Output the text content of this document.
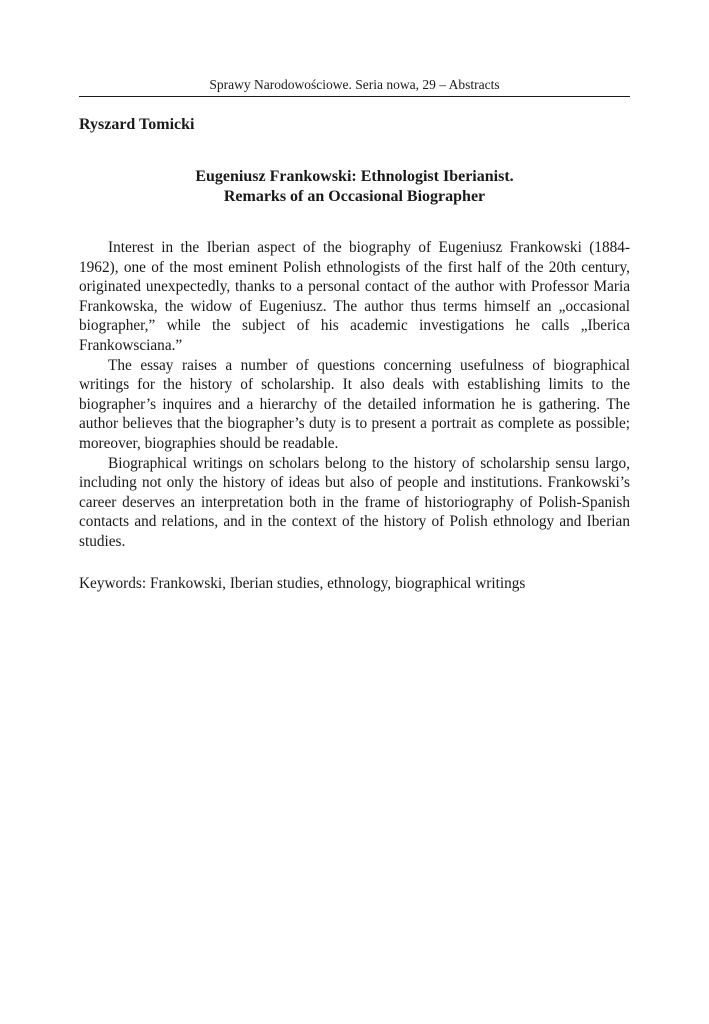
Sprawy Narodowościowe. Seria nowa, 29 – Abstracts
Ryszard Tomicki
Eugeniusz Frankowski: Ethnologist Iberianist.
Remarks of an Occasional Biographer

Interest in the Iberian aspect of the biography of Eugeniusz Frankowski (1884-1962), one of the most eminent Polish ethnologists of the first half of the 20th century, originated unexpectedly, thanks to a personal contact of the author with Professor Maria Frankowska, the widow of Eugeniusz. The author thus terms himself an „occasional biographer,” while the subject of his academic investigations he calls „Iberica Frankowsciana.”

The essay raises a number of questions concerning usefulness of biographical writings for the history of scholarship. It also deals with establishing limits to the biographer’s inquires and a hierarchy of the detailed information he is gathering. The author believes that the biographer’s duty is to present a portrait as complete as possible; moreover, biographies should be readable.

Biographical writings on scholars belong to the history of scholarship sensu largo, including not only the history of ideas but also of people and institutions. Frankowski’s career deserves an interpretation both in the frame of historiography of Polish-Spanish contacts and relations, and in the context of the history of Polish ethnology and Iberian studies.

Keywords: Frankowski, Iberian studies, ethnology, biographical writings
